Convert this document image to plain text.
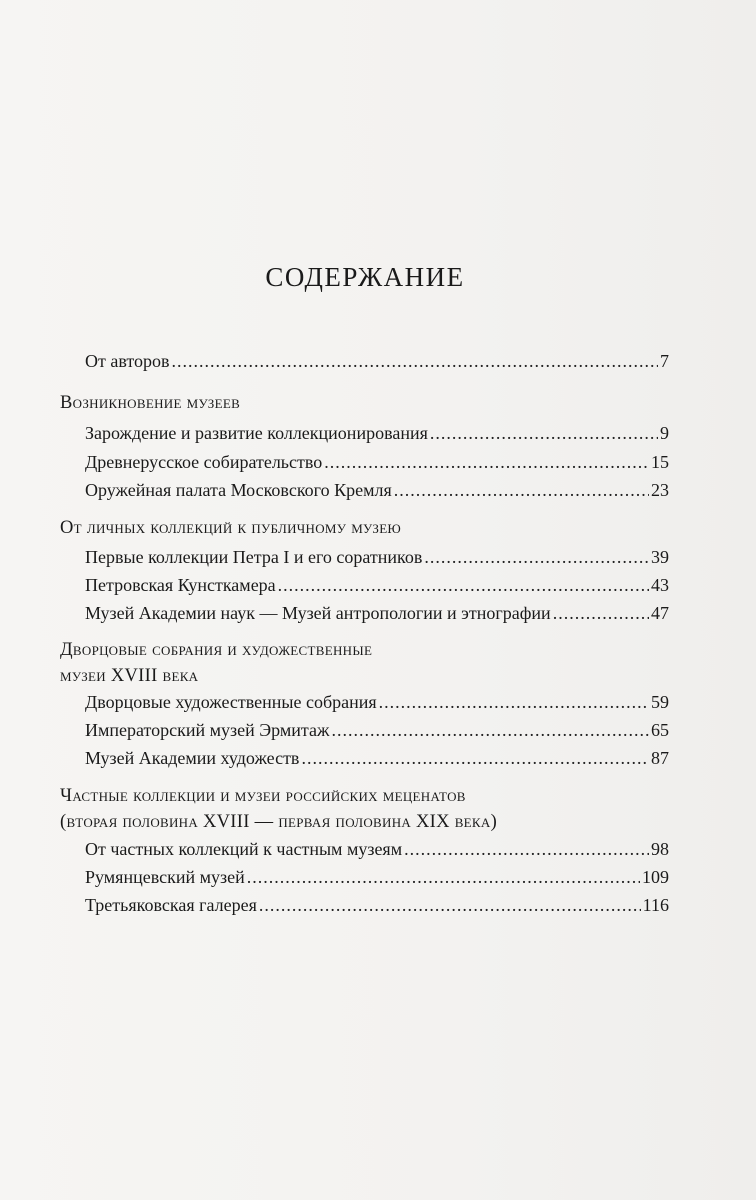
СОДЕРЖАНИЕ
От авторов .....	7
Возникновение музеев
Зарождение и развитие коллекционирования .....	9
Древнерусское собирательство .....	15
Оружейная палата Московского Кремля .....	23
От личных коллекций к публичному музею
Первые коллекции Петра I и его соратников .....	39
Петровская Кунсткамера .....	43
Музей Академии наук — Музей антропологии и этнографии .....	47
Дворцовые собрания и художественные
музеи XVIII века
Дворцовые художественные собрания .....	59
Императорский музей Эрмитаж .....	65
Музей Академии художеств .....	87
Частные коллекции и музеи российских меценатов
(вторая половина XVIII — первая половина XIX века)
От частных коллекций к частным музеям .....	98
Румянцевский музей .....	109
Третьяковская галерея .....	116
